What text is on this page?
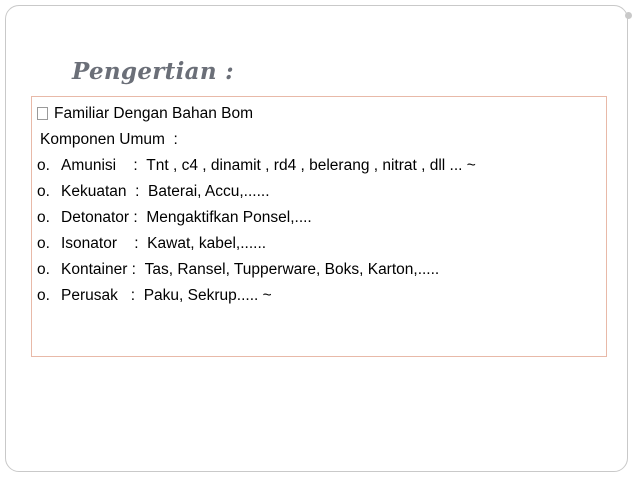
Pengertian :
Familiar Dengan Bahan Bom
Komponen Umum  :
o. Amunisi : Tnt , c4 , dinamit , rd4 , belerang , nitrat , dll ... ~
o. Kekuatan : Baterai, Accu,......
o. Detonator : Mengaktifkan Ponsel,....
o. Isonator : Kawat, kabel,......
o. Kontainer : Tas, Ransel, Tupperware, Boks, Karton,.....
o. Perusak : Paku, Sekrup..... ~
